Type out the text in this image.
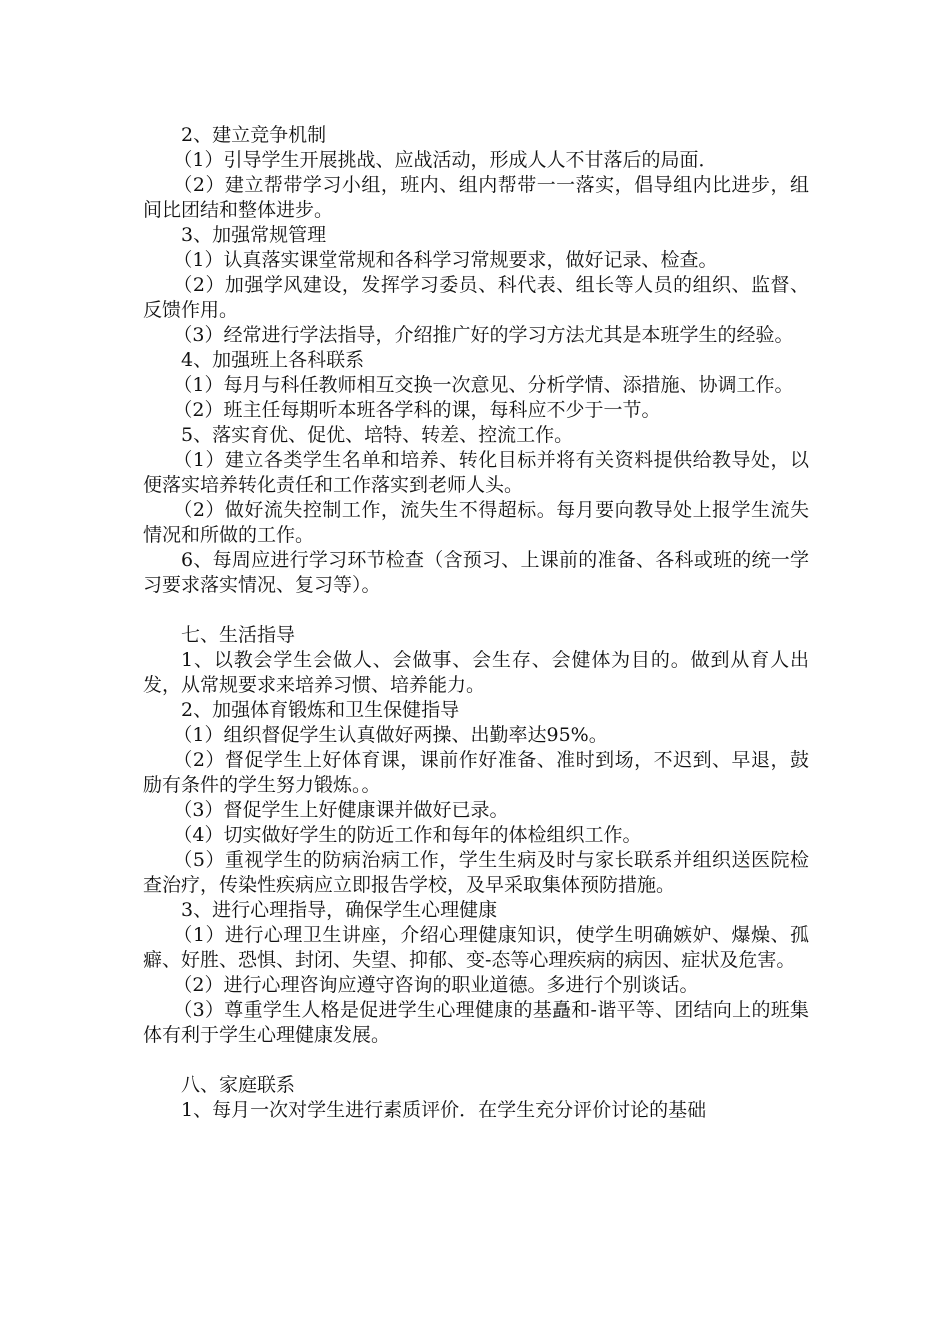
2、建立竞争机制

（1）引导学生开展挑战、应战活动，形成人人不甘落后的局面．

（2）建立帮带学习小组，班内、组内帮带一一落实，倡导组内比进步，组间比团结和整体进步。

3、加强常规管理

（1）认真落实课堂常规和各科学习常规要求，做好记录、检查。

（2）加强学风建设，发挥学习委员、科代表、组长等人员的组织、监督、反馈作用。

（3）经常进行学法指导，介绍推广好的学习方法尤其是本班学生的经验。

4、加强班上各科联系

（1）每月与科任教师相互交换一次意见、分析学情、添措施、协调工作。

（2）班主任每期听本班各学科的课，每科应不少于一节。

5、落实育优、促优、培特、转差、控流工作。

（1）建立各类学生名单和培养、转化目标并将有关资料提供给教导处，以便落实培养转化责任和工作落实到老师人头。

（2）做好流失控制工作，流失生不得超标。每月要向教导处上报学生流失情况和所做的工作。

6、每周应进行学习环节检查（含预习、上课前的准备、各科或班的统一学习要求落实情况、复习等）。

七、生活指导

1、以教会学生会做人、会做事、会生存、会健体为目的。做到从育人出发，从常规要求来培养习惯、培养能力。

2、加强体育锻炼和卫生保健指导

（1）组织督促学生认真做好两操、出勤率达95%。

（2）督促学生上好体育课，课前作好准备、准时到场，不迟到、早退，鼓励有条件的学生努力锻炼。。

（3）督促学生上好健康课并做好已录。

（4）切实做好学生的防近工作和每年的体检组织工作。

（5）重视学生的防病治病工作，学生生病及时与家长联系并组织送医院检查治疗，传染性疾病应立即报告学校，及早采取集体预防措施。

3、进行心理指导，确保学生心理健康

（1）进行心理卫生讲座，介绍心理健康知识，使学生明确嫉妒、爆燥、孤癖、好胜、恐惧、封闭、失望、抑郁、变-态等心理疾病的病因、症状及危害。

（2）进行心理咨询应遵守咨询的职业道德。多进行个别谈话。

（3）尊重学生人格是促进学生心理健康的基矗和-谐平等、团结向上的班集体有利于学生心理健康发展。

八、家庭联系

1、每月一次对学生进行素质评价．在学生充分评价讨论的基础
